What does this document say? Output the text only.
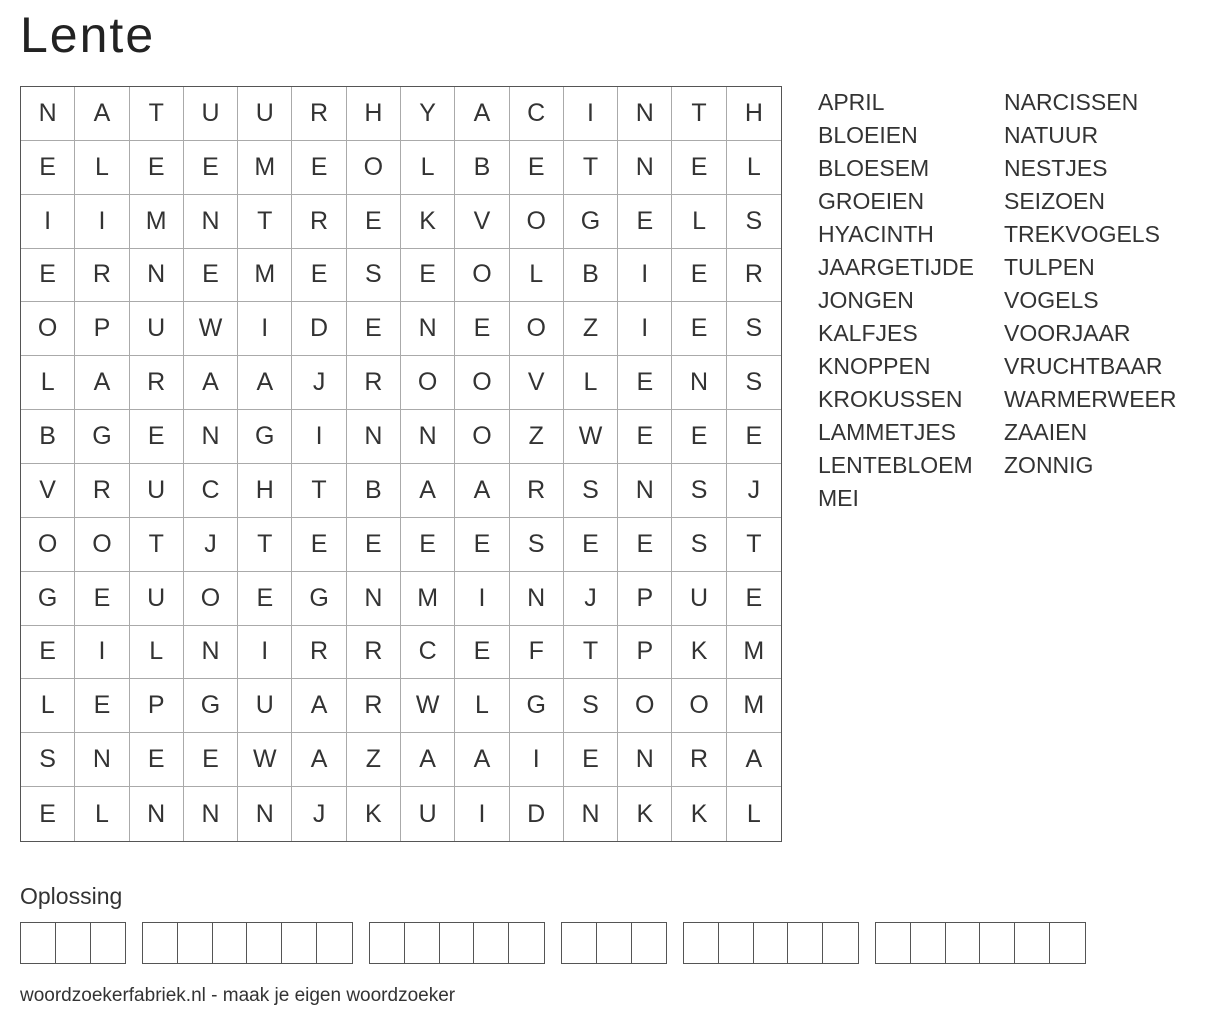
Lente
N	A	T	U	U	R	H	Y	A	C	I	N	T	H
E	L	E	E	M	E	O	L	B	E	T	N	E	L
I	I	M	N	T	R	E	K	V	O	G	E	L	S
E	R	N	E	M	E	S	E	O	L	B	I	E	R
O	P	U	W	I	D	E	N	E	O	Z	I	E	S
L	A	R	A	A	J	R	O	O	V	L	E	N	S
B	G	E	N	G	I	N	N	O	Z	W	E	E	E
V	R	U	C	H	T	B	A	A	R	S	N	S	J
O	O	T	J	T	E	E	E	E	S	E	E	S	T
G	E	U	O	E	G	N	M	I	N	J	P	U	E
E	I	L	N	I	R	R	C	E	F	T	P	K	M
L	E	P	G	U	A	R	W	L	G	S	O	O	M
S	N	E	E	W	A	Z	A	A	I	E	N	R	A
E	L	N	N	N	J	K	U	I	D	N	K	K	L
APRIL
BLOEIEN
BLOESEM
GROEIEN
HYACINTH
JAARGETIJDE
JONGEN
KALFJES
KNOPPEN
KROKUSSEN
LAMMETJES
LENTEBLOEM
MEI
NARCISSEN
NATUUR
NESTJES
SEIZOEN
TREKVOGELS
TULPEN
VOGELS
VOORJAAR
VRUCHTBAAR
WARMERWEER
ZAAIEN
ZONNIG
Oplossing
woordzoekerfabriek.nl - maak je eigen woordzoeker
